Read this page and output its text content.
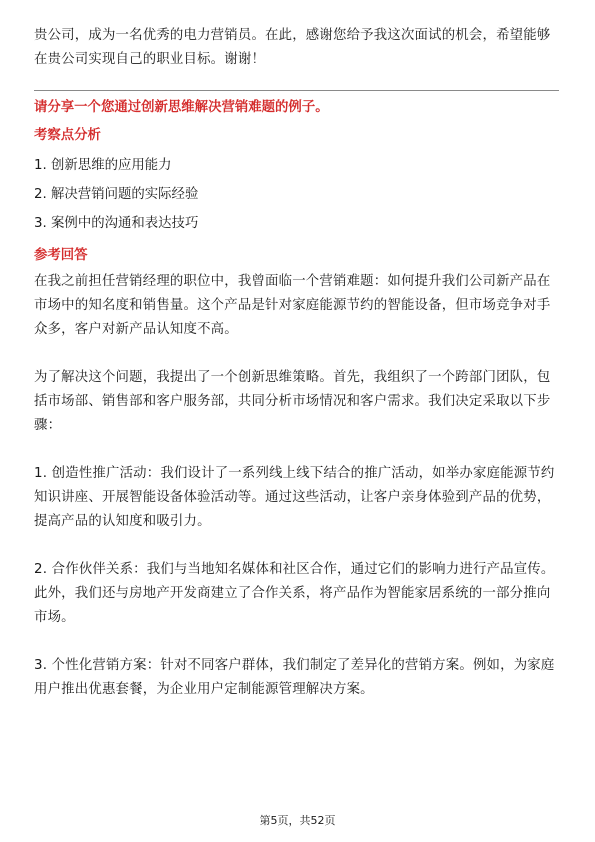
贵公司，成为一名优秀的电力营销员。在此，感谢您给予我这次面试的机会，希望能够在贵公司实现自己的职业目标。谢谢！

请分享一个您通过创新思维解决营销难题的例子。

考察点分析

1. 创新思维的应用能力
2. 解决营销问题的实际经验
3. 案例中的沟通和表达技巧

参考回答

在我之前担任营销经理的职位中，我曾面临一个营销难题：如何提升我们公司新产品在市场中的知名度和销售量。这个产品是针对家庭能源节约的智能设备，但市场竞争对手众多，客户对新产品认知度不高。

为了解决这个问题，我提出了一个创新思维策略。首先，我组织了一个跨部门团队，包括市场部、销售部和客户服务部，共同分析市场情况和客户需求。我们决定采取以下步骤：

1. 创造性推广活动：我们设计了一系列线上线下结合的推广活动，如举办家庭能源节约知识讲座、开展智能设备体验活动等。通过这些活动，让客户亲身体验到产品的优势，提高产品的认知度和吸引力。

2. 合作伙伴关系：我们与当地知名媒体和社区合作，通过它们的影响力进行产品宣传。此外，我们还与房地产开发商建立了合作关系，将产品作为智能家居系统的一部分推向市场。

3. 个性化营销方案：针对不同客户群体，我们制定了差异化的营销方案。例如，为家庭用户推出优惠套餐，为企业用户定制能源管理解决方案。

第5页，共52页
